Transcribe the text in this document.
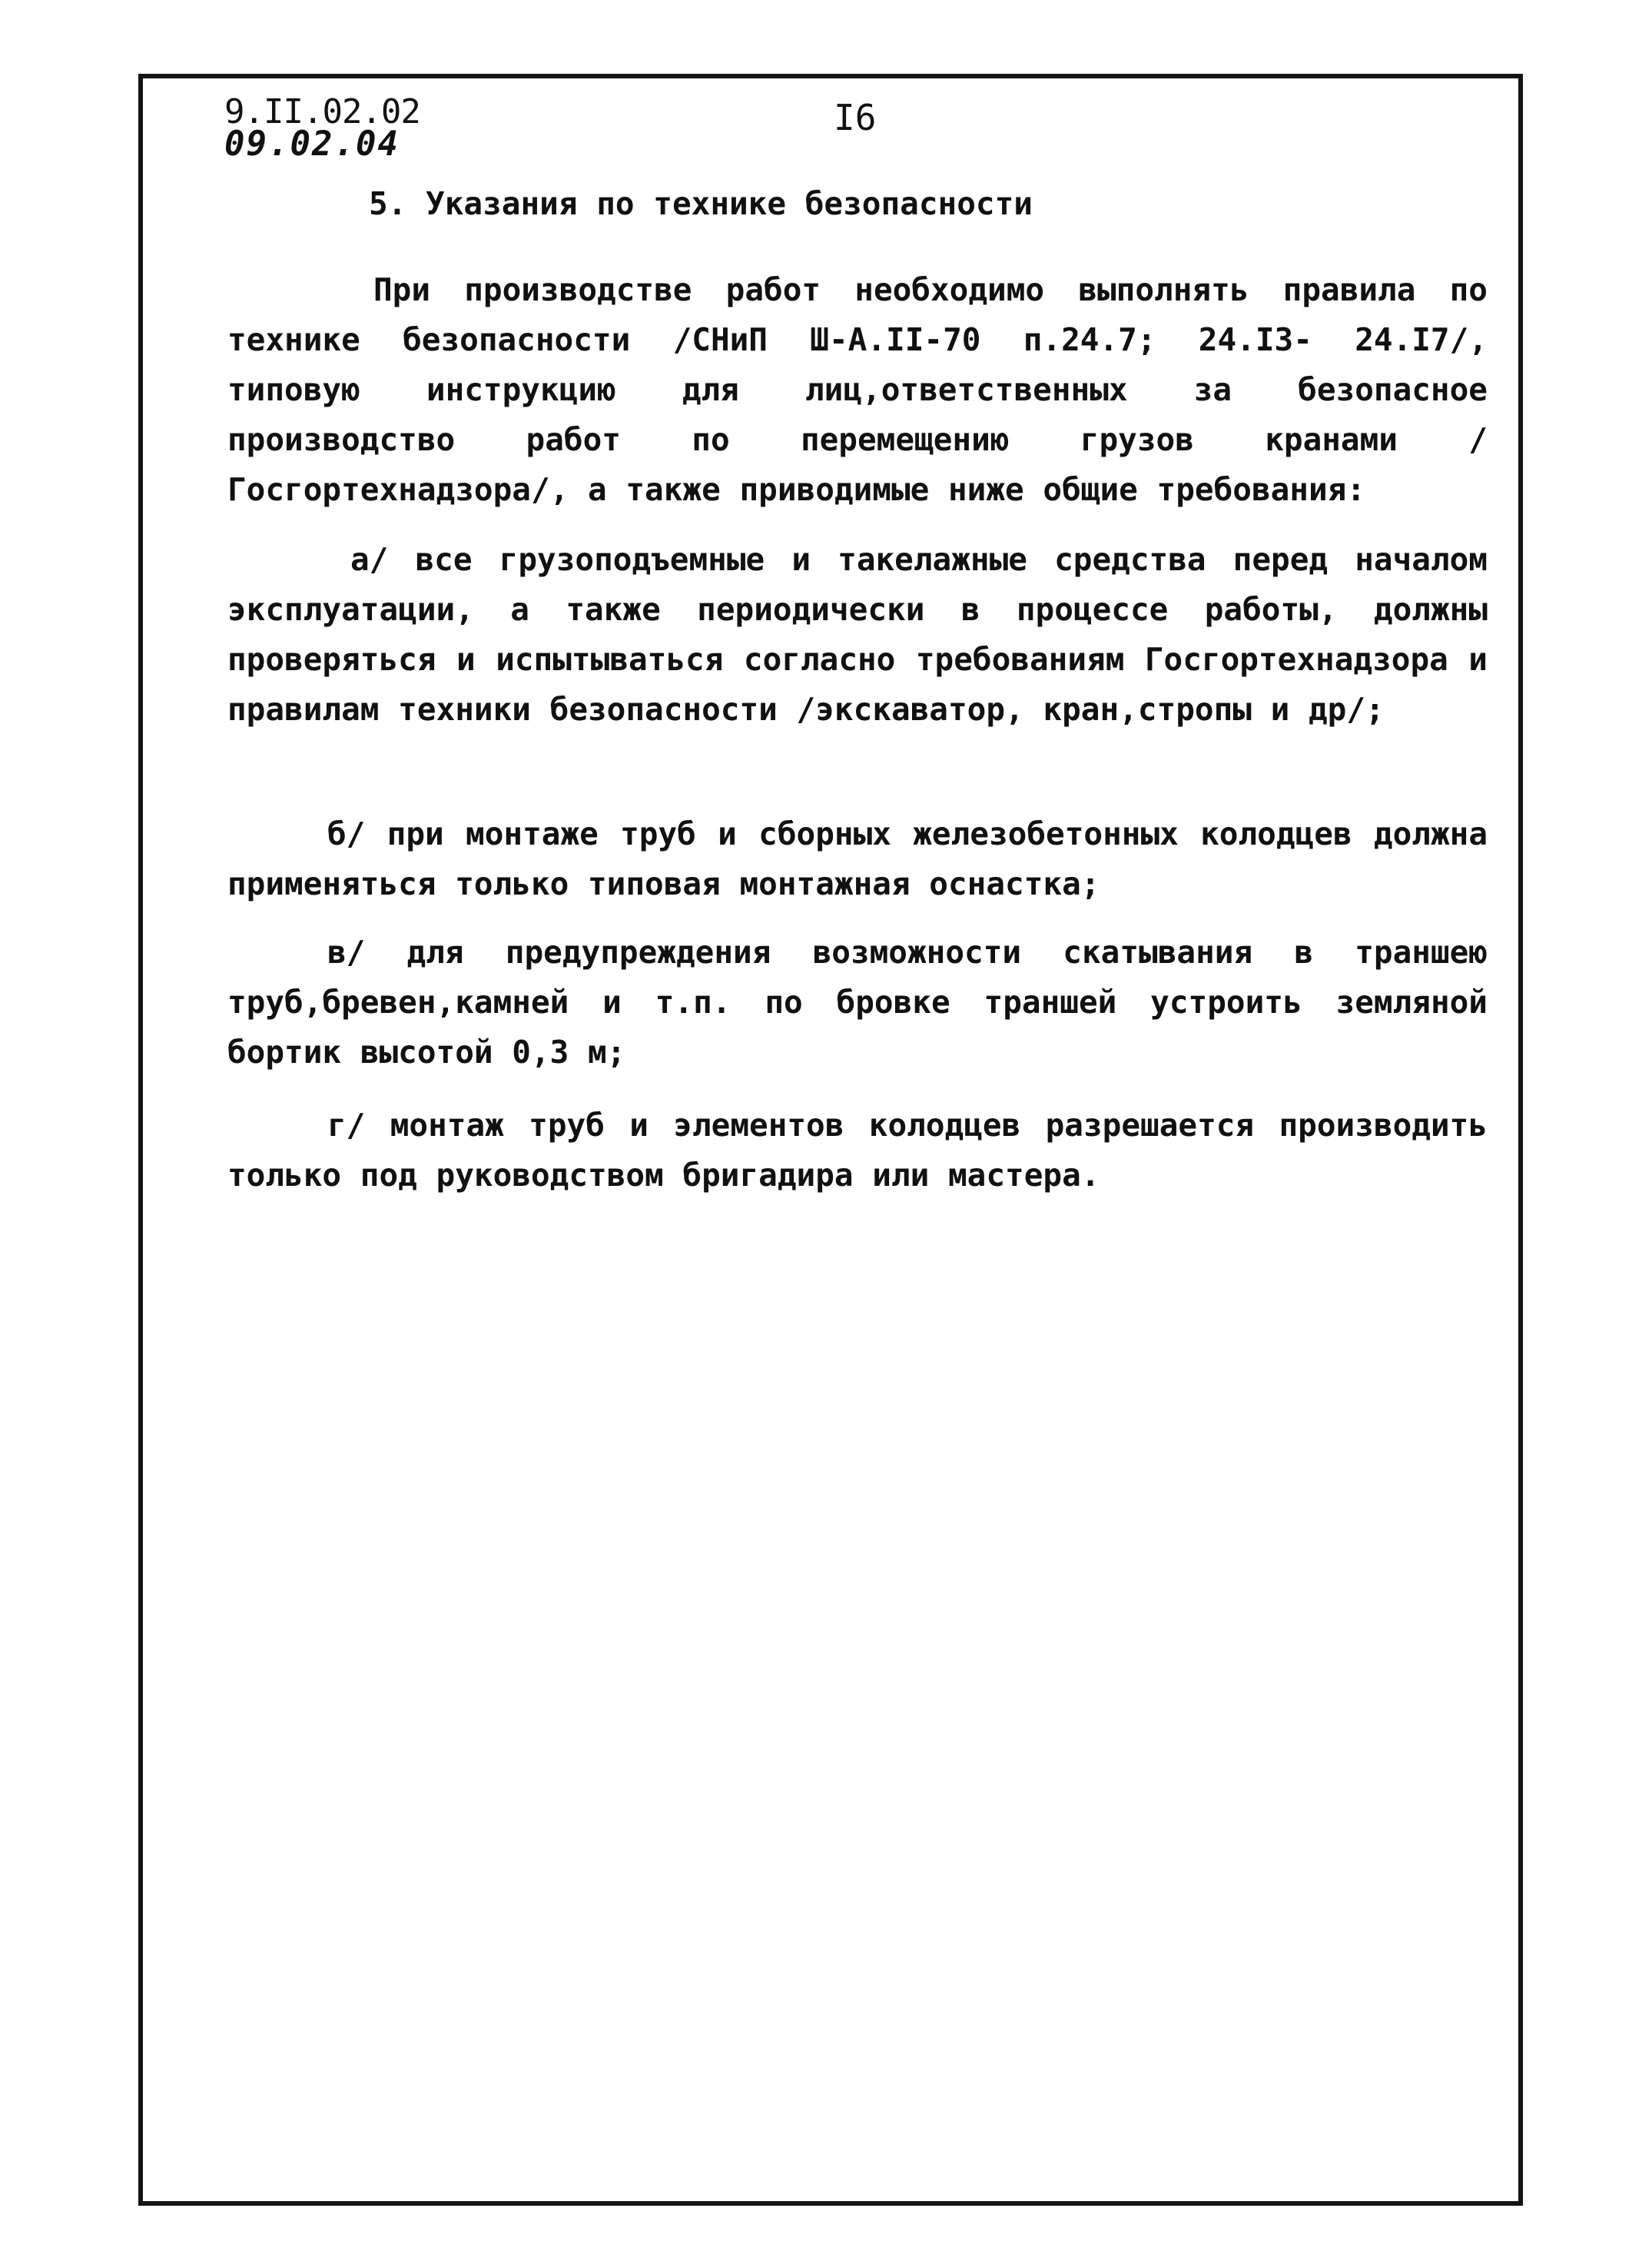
9.II.02.02
09.02.04
I6
5. Указания по технике безопасности

При производстве работ необходимо выполнять правила по технике безопасности /СНиП Ш-А.II-70 п.24.7; 24.I3- 24.I7/, типовую инструкцию для лиц,ответственных за безопасное производство работ по перемещению грузов кранами /Госгортехнадзора/, а также приводимые ниже общие требования:

а/ все грузоподъемные и такелажные средства перед началом эксплуатации, а также периодически в процессе работы, должны проверяться и испытываться согласно требованиям Госгортехнадзора и правилам техники безопасности /экскаватор, кран,стропы и др/;

б/ при монтаже труб и сборных железобетонных колодцев должна применяться только типовая монтажная оснастка;

в/ для предупреждения возможности скатывания в траншею труб,бревен,камней и т.п. по бровке траншей устроить земляной бортик высотой 0,3 м;

г/ монтаж труб и элементов колодцев разрешается производить только под руководством бригадира или мастера.
